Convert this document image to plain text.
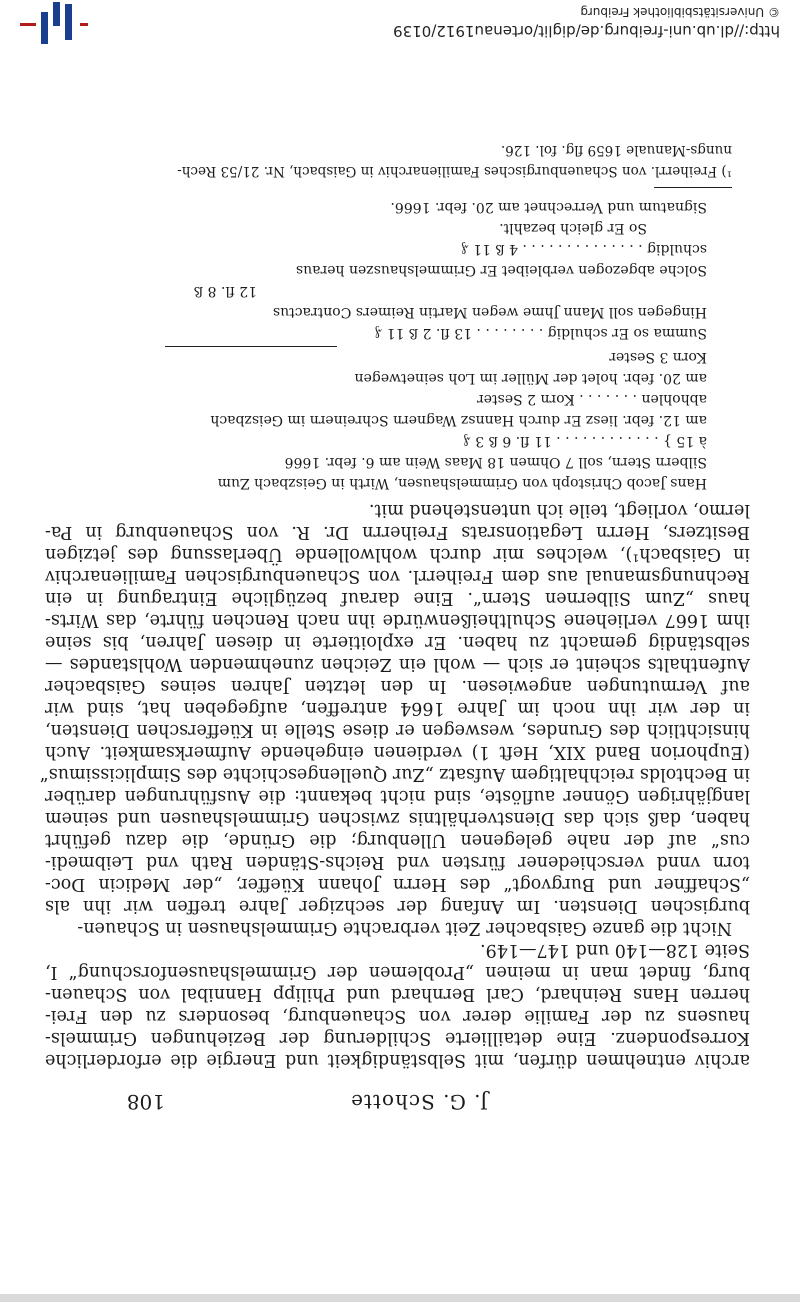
108	J. G. Schotte
archiv entnehmen dürfen, mit Selbständigkeit und Energie die erforderliche
Korrespondenz. Eine detaillierte Schilderung der Beziehungen Grimmels-
hausens zu der Familie derer von Schauenburg, besonders zu den Frei-
herren Hans Reinhard, Carl Bernhard und Philipp Hannibal von Schauen-
burg, findet man in meinen „Problemen der Grimmelshausenforschung“ I,
Seite 128—140 und 147—149.
Nicht die ganze Gaisbacher Zeit verbrachte Grimmelshausen in Schauen-
burgischen Diensten. Im Anfang der sechziger Jahre treffen wir ihn als
„Schaffner und Burgvogt“ des Herrn Johann Küeffer, „der Medicin Doc-
torn vnnd verschiedener fürsten vnd Reichs-Ständen Rath vnd Leibmedi-
cus“ auf der nahe gelegenen Ullenburg; die Gründe, die dazu geführt
haben, daß sich das Dienstverhältnis zwischen Grimmelshausen und seinem
langjährigen Gönner auflöste, sind nicht bekannt: die Ausführungen darüber
in Bechtolds reichhaltigem Aufsatz „Zur Quellengeschichte des Simplicissimus“
(Euphorion Band XIX, Heft 1) verdienen eingehende Aufmerksamkeit. Auch
hinsichtlich des Grundes, weswegen er diese Stelle in Küefferschen Diensten,
in der wir ihn noch im Jahre 1664 antreffen, aufgegeben hat, sind wir
auf Vermutungen angewiesen. In den letzten Jahren seines Gaisbacher
Aufenthalts scheint er sich — wohl ein Zeichen zunehmenden Wohlstandes —
selbständig gemacht zu haben. Er exploitierte in diesen Jahren, bis seine
ihm 1667 verliehene Schultheißenwürde ihn nach Renchen führte, das Wirts-
haus „Zum Silbernen Stern“. Eine darauf bezügliche Eintragung in ein
Rechnungsmanual aus dem Freiherrl. von Schauenburgischen Familienarchiv
in Gaisbach¹), welches mir durch wohlwollende Überlassung des jetzigen
Besitzers, Herrn Legationsrats Freiherrn Dr. R. von Schauenburg in Pa-
lermo, vorliegt, teile ich untenstehend mit.
Hans Jacob Christoph von Grimmelshausen, Wirth in Geiszbach Zum
Silbern Stern, soll 7 Ohmen 18 Maas Wein am 6. febr. 1666
à 15 } . . . . . . . . . . . . 11 fl. 6 ß 3 ₰
am 12. febr. liesz Er durch Hannsz Wagnern Schreinern im Geiszbach
abhohlen . . . . . . . Korn 2 Sester
am 20. febr. holet der Müller im Loh seinetwegen
Korn 3 Sester
Summa so Er schuldig . . . . . . . . 13 fl. 2 ß 11 ₰
Hingegen soll Mann Jhme wegen Martin Reimers Contractus
12 fl. 8 ß
Solche abgezogen verbleibet Er Grimmelshauszen heraus
schuldig . . . . . . . . . . . . . . 4 ß 11 ₰
So Er gleich bezahlt.
Signatum und Verrechnet am 20. febr. 1666.
¹) Freiherrl. von Schauenburgisches Familienarchiv in Gaisbach, Nr. 21/53 Rech-
nungs-Manuale 1659 flg. fol. 126.
http://dl.ub.uni-freiburg.de/diglit/ortenau1912/0139
© Universitätsbibliothek Freiburg
